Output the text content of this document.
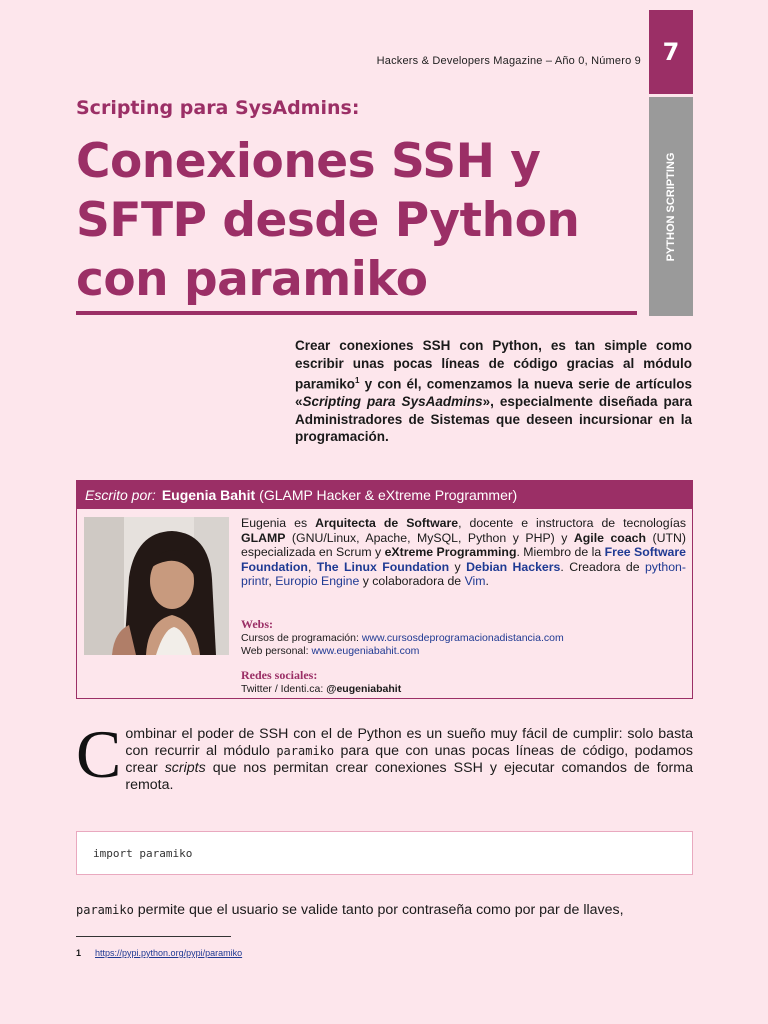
Hackers & Developers Magazine – Año 0, Número 9 7
PYTHON SCRIPTING
Scripting para SysAdmins:
Conexiones SSH y
SFTP desde Python
con paramiko
Crear conexiones SSH con Python, es tan simple como escribir unas pocas líneas de código gracias al módulo paramiko$^1$ y con él, comenzamos la nueva serie de artículos «Scripting para SysAadmins», especialmente diseñada para Administradores de Sistemas que deseen incursionar en la programación.
Escrito por: Eugenia Bahit (GLAMP Hacker & eXtreme Programmer)
Eugenia es Arquitecta de Software, docente e instructora de tecnologías GLAMP (GNU/Linux, Apache, MySQL, Python y PHP) y Agile coach (UTN) especializada en Scrum y eXtreme Programming. Miembro de la Free Software Foundation, The Linux Foundation y Debian Hackers. Creadora de python-printr, Europio Engine y colaboradora de Vim.
Webs:
Cursos de programación: www.cursosdeprogramacionadistancia.com
Web personal: www.eugeniabahit.com
Redes sociales:
Twitter / Identi.ca: @eugeniabahit
Combinar el poder de SSH con el de Python es un sueño muy fácil de cumplir: solo basta con recurrir al módulo paramiko para que con unas pocas líneas de código, podamos crear scripts que nos permitan crear conexiones SSH y ejecutar comandos de forma remota.
import paramiko
paramiko permite que el usuario se valide tanto por contraseña como por par de llaves,
1 https://pypi.python.org/pypi/paramiko
